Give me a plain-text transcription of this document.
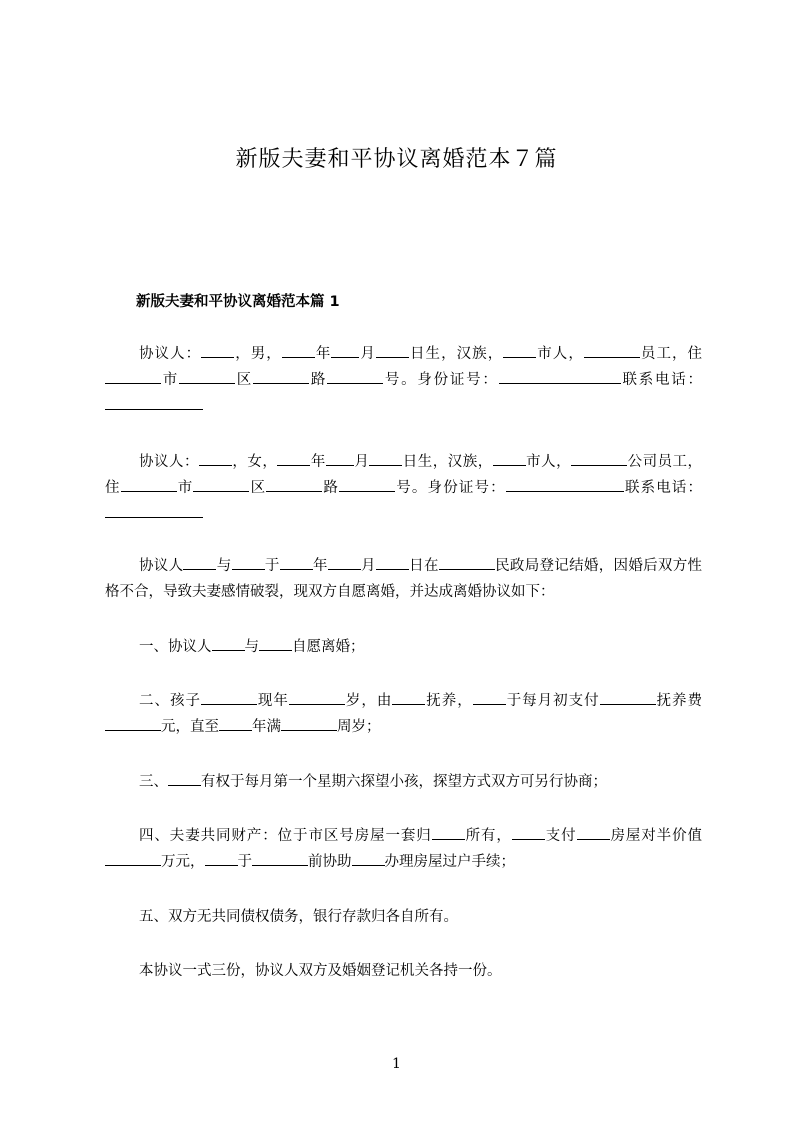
新版夫妻和平协议离婚范本７篇
新版夫妻和平协议离婚范本篇 1
协议人： ，男， 年 月 日生，汉族， 市人，	员工，住市	区	路	号。身份证号：	联系电话：
协议人： ，女， 年 月 日生，汉族， 市人，	公司员工，住	市	区	路	号。身份证号：	联系电话：
协议人 与 于 年 月 日在	民政局登记结婚，因婚后双方性格不合，导致夫妻感情破裂，现双方自愿离婚，并达成离婚协议如下：
一、协议人 与 自愿离婚；
二、孩子	现年	岁，由 抚养， 于每月初支付	抚养费元，直至 年满	周岁；
三、 有权于每月第一个星期六探望小孩，探望方式双方可另行协商；
四、夫妻共同财产：位于市区号房屋一套归 所有， 支付 房屋对半价值万元， 于	前协助 办理房屋过户手续；
五、双方无共同债权债务，银行存款归各自所有。
本协议一式三份，协议人双方及婚姻登记机关各持一份。
1
